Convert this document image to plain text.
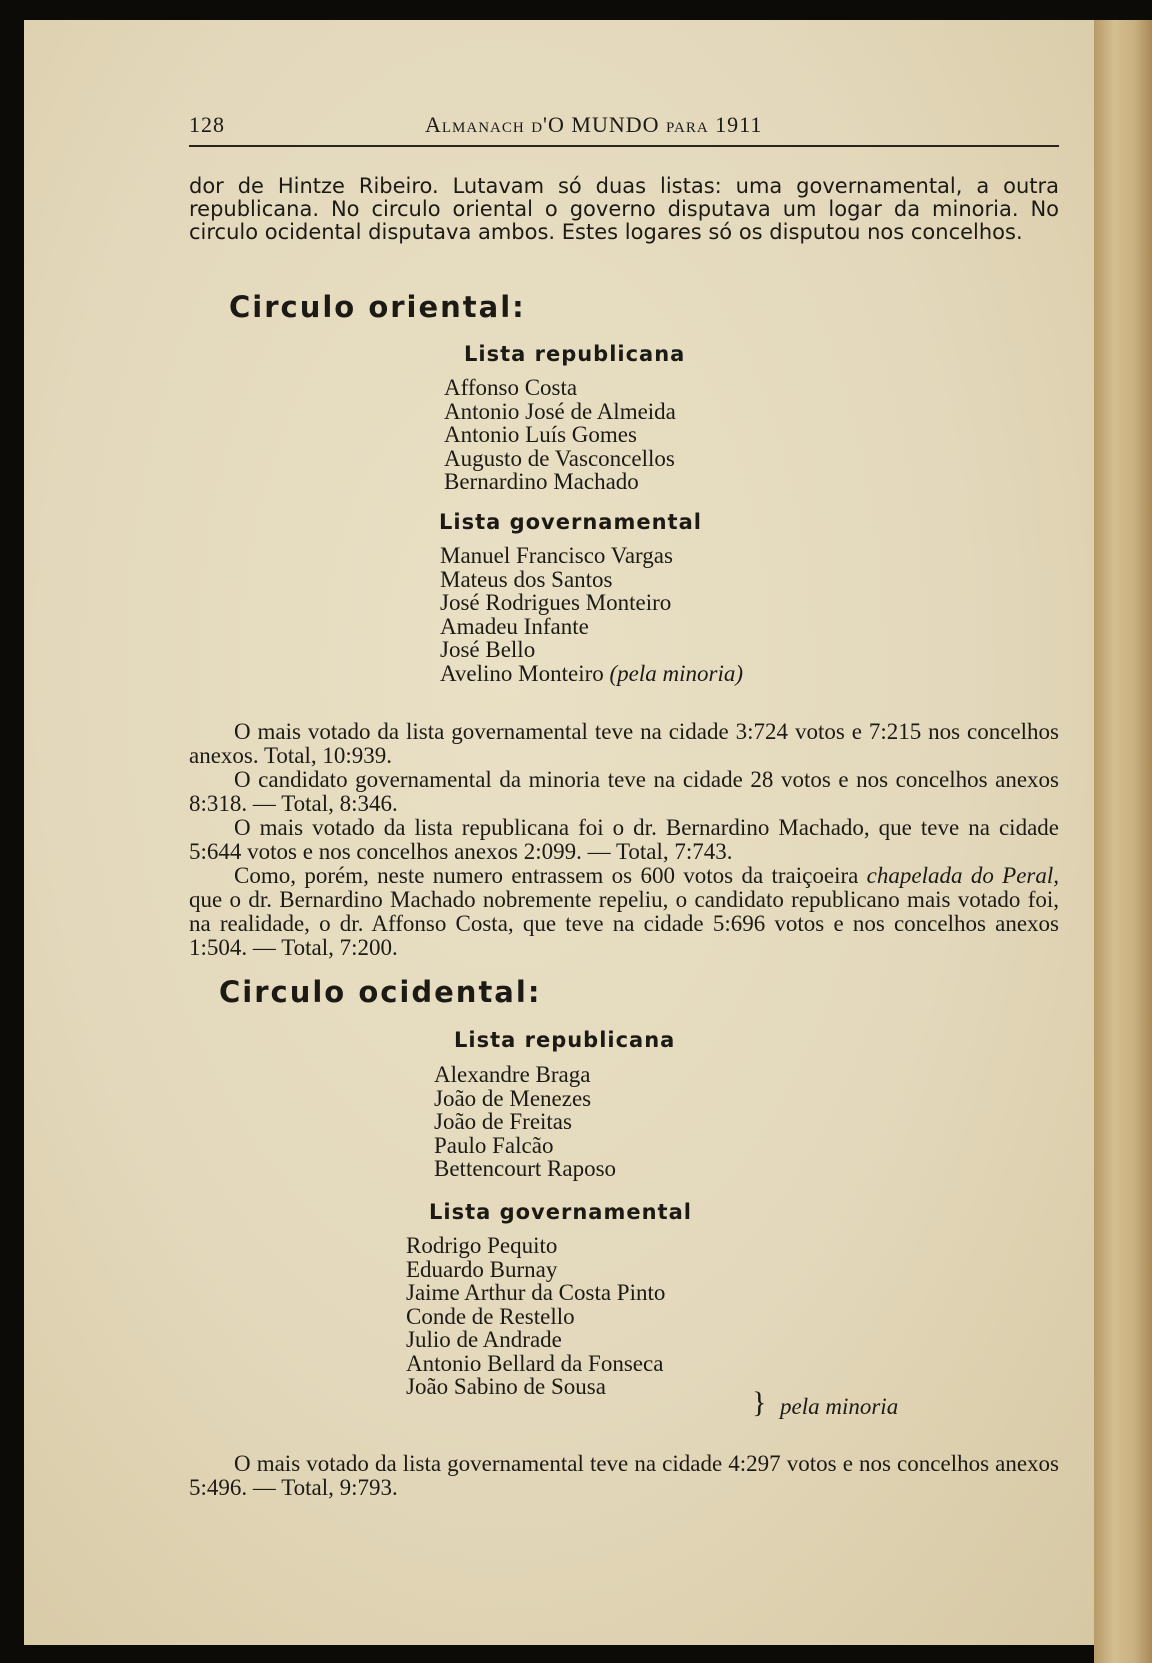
128	Almanach d'O MUNDO para 1911

dor de Hintze Ribeiro. Lutavam só duas listas: uma governamental, a outra republicana. No circulo oriental o governo disputava um logar da minoria. No circulo ocidental disputava ambos. Estes logares só os disputou nos concelhos.

Circulo oriental:
Lista republicana
Affonso Costa
Antonio José de Almeida
Antonio Luís Gomes
Augusto de Vasconcellos
Bernardino Machado
Lista governamental
Manuel Francisco Vargas
Mateus dos Santos
José Rodrigues Monteiro
Amadeu Infante
José Bello
Avelino Monteiro (pela minoria)

O mais votado da lista governamental teve na cidade 3:724 votos e 7:215 nos concelhos anexos. Total, 10:939.

O candidato governamental da minoria teve na cidade 28 votos e nos concelhos anexos 8:318. — Total, 8:346.

O mais votado da lista republicana foi o dr. Bernardino Machado, que teve na cidade 5:644 votos e nos concelhos anexos 2:099. — Total, 7:743.

Como, porém, neste numero entrassem os 600 votos da traiçoeira chapelada do Peral, que o dr. Bernardino Machado nobremente repeliu, o candidato republicano mais votado foi, na realidade, o dr. Affonso Costa, que teve na cidade 5:696 votos e nos concelhos anexos 1:504. — Total, 7:200.

Circulo ocidental:
Lista republicana
Alexandre Braga
João de Menezes
João de Freitas
Paulo Falcão
Bettencourt Raposo
Lista governamental
Rodrigo Pequito
Eduardo Burnay
Jaime Arthur da Costa Pinto
Conde de Restello
Julio de Andrade
Antonio Bellard da Fonseca
João Sabino de Sousa	} pela minoria

O mais votado da lista governamental teve na cidade 4:297 votos e nos concelhos anexos 5:496. — Total, 9:793.
